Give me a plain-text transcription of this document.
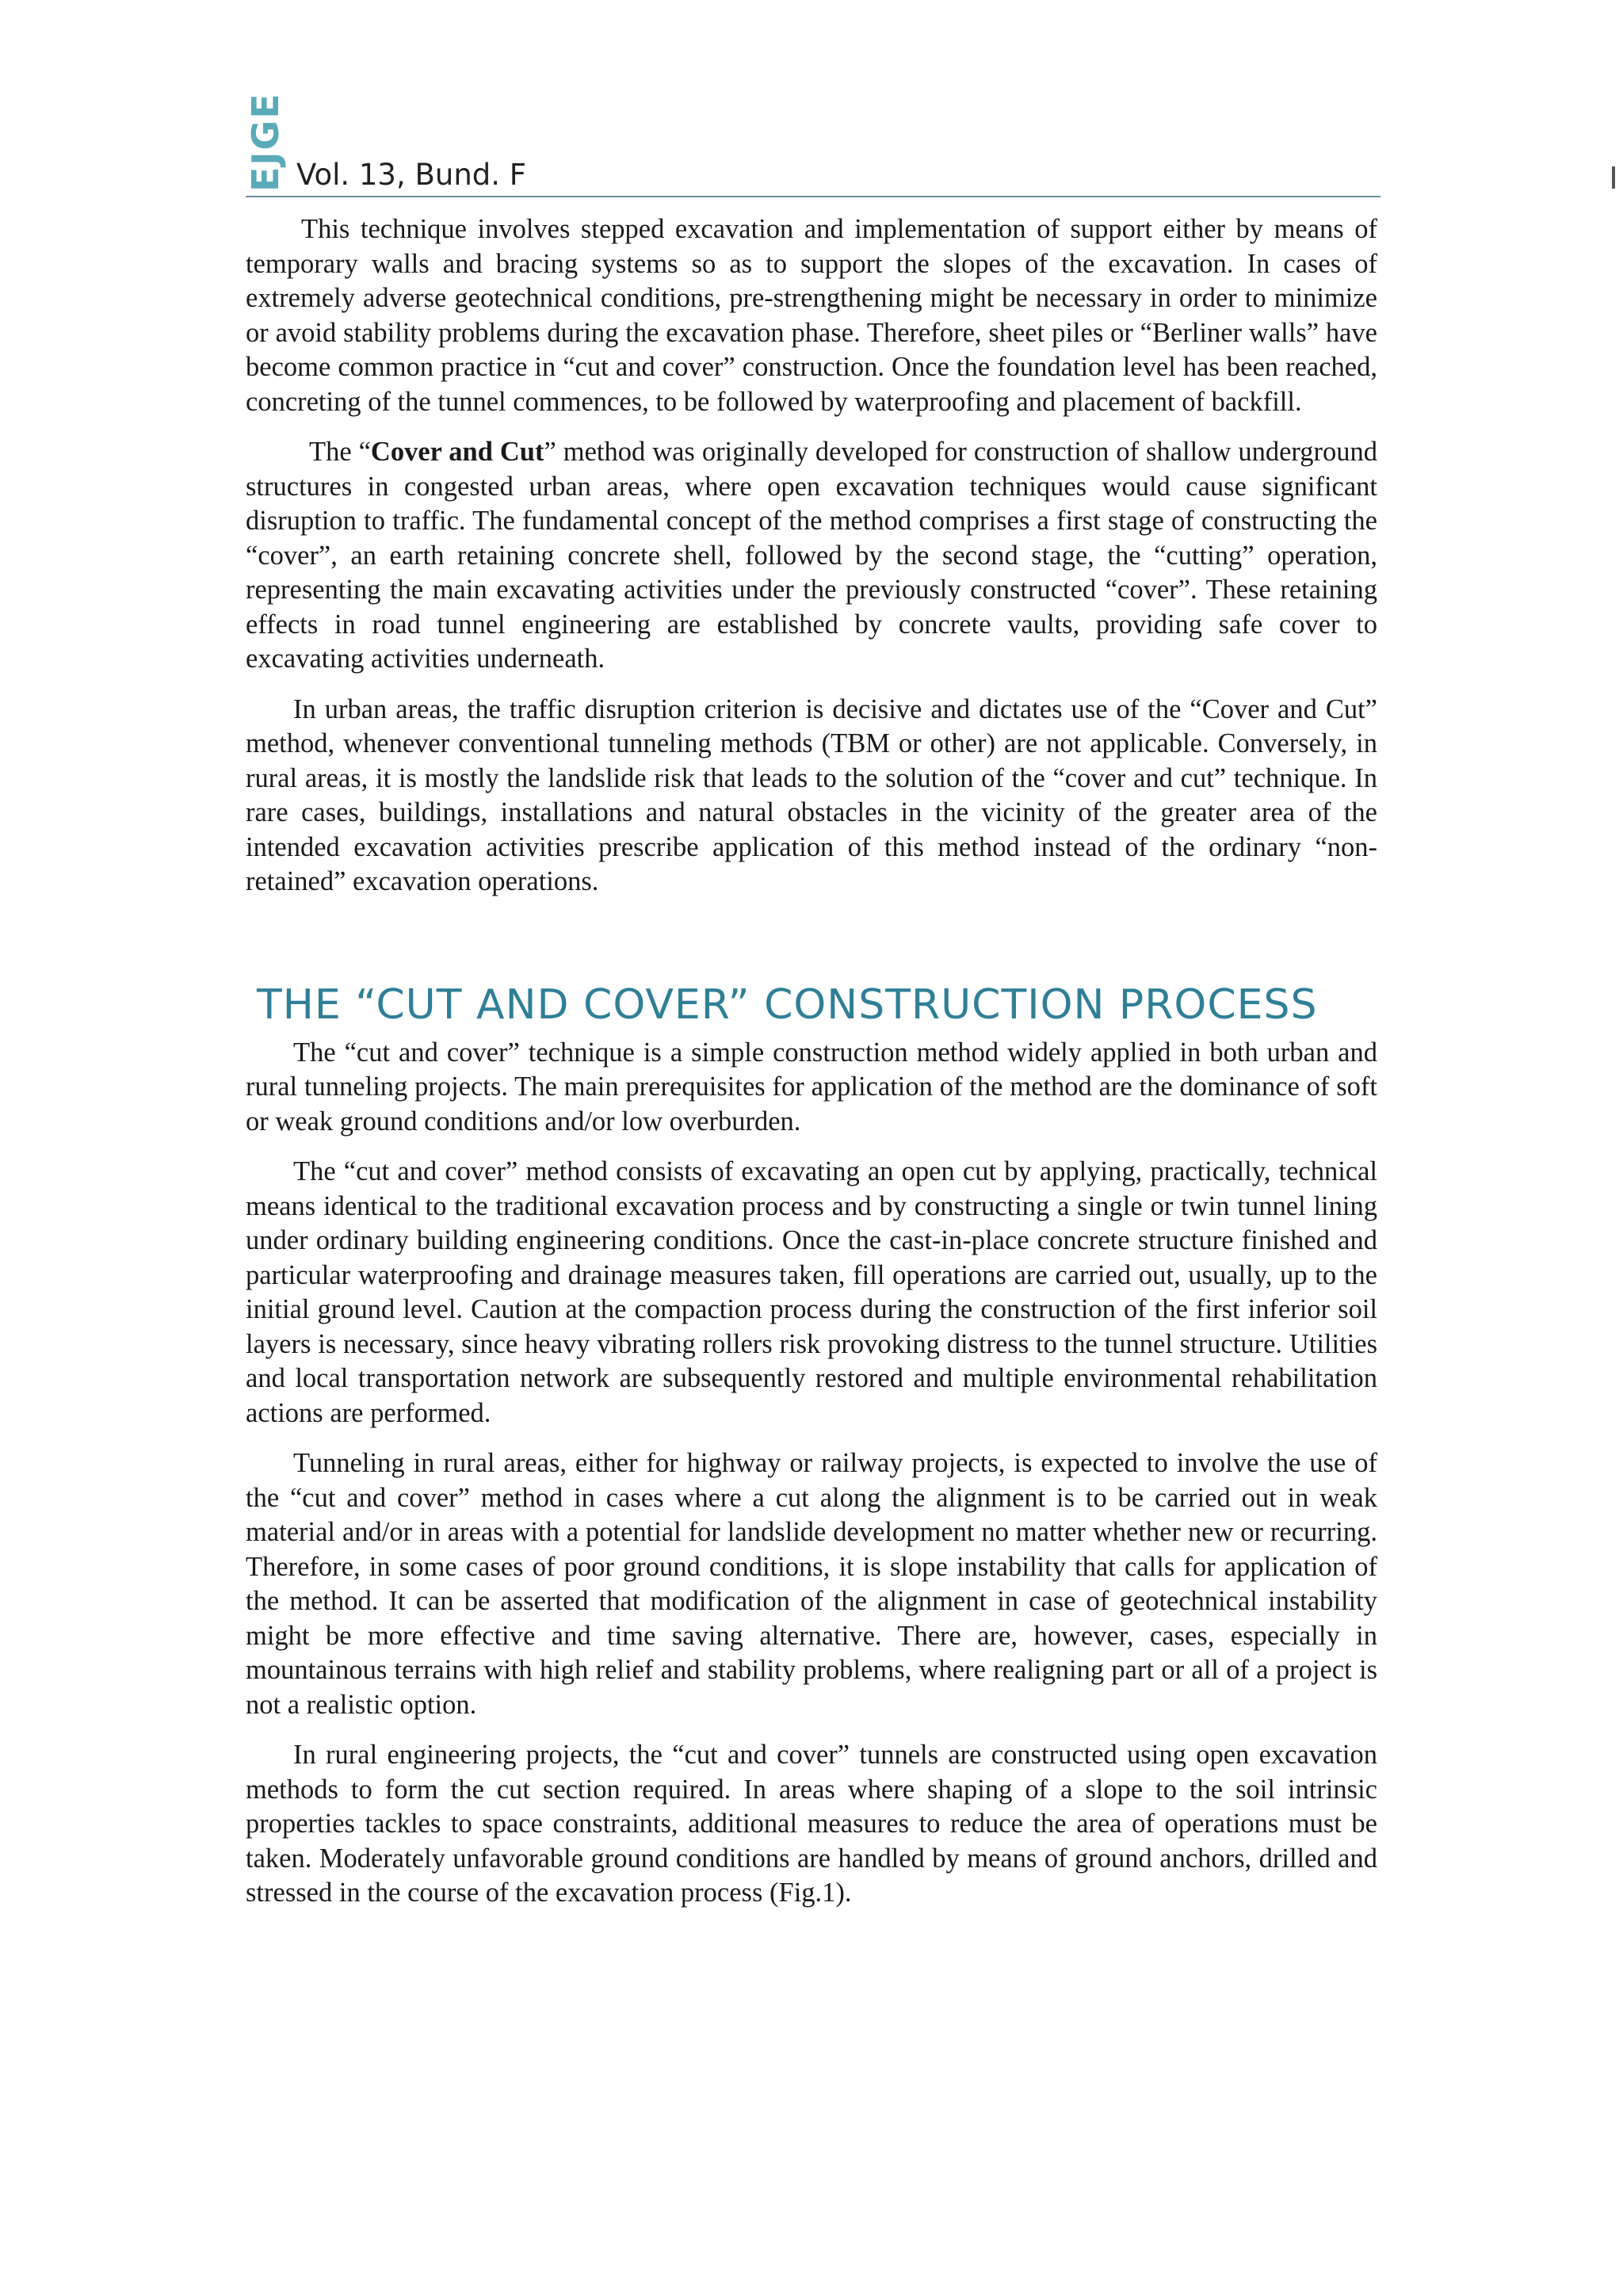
EJGE Vol. 13, Bund. F

This technique involves stepped excavation and implementation of support either by means of temporary walls and bracing systems so as to support the slopes of the excavation. In cases of extremely adverse geotechnical conditions, pre-strengthening might be necessary in order to minimize or avoid stability problems during the excavation phase. Therefore, sheet piles or “Berliner walls” have become common practice in “cut and cover” construction. Once the foundation level has been reached, concreting of the tunnel commences, to be followed by waterproofing and placement of backfill.

The “Cover and Cut” method was originally developed for construction of shallow underground structures in congested urban areas, where open excavation techniques would cause significant disruption to traffic. The fundamental concept of the method comprises a first stage of constructing the “cover”, an earth retaining concrete shell, followed by the second stage, the “cutting” operation, representing the main excavating activities under the previously constructed “cover”. These retaining effects in road tunnel engineering are established by concrete vaults, providing safe cover to excavating activities underneath.

In urban areas, the traffic disruption criterion is decisive and dictates use of the “Cover and Cut” method, whenever conventional tunneling methods (TBM or other) are not applicable. Conversely, in rural areas, it is mostly the landslide risk that leads to the solution of the “cover and cut” technique. In rare cases, buildings, installations and natural obstacles in the vicinity of the greater area of the intended excavation activities prescribe application of this method instead of the ordinary “non-retained” excavation operations.

THE “CUT AND COVER” CONSTRUCTION PROCESS

The “cut and cover” technique is a simple construction method widely applied in both urban and rural tunneling projects. The main prerequisites for application of the method are the dominance of soft or weak ground conditions and/or low overburden.

The “cut and cover” method consists of excavating an open cut by applying, practically, technical means identical to the traditional excavation process and by constructing a single or twin tunnel lining under ordinary building engineering conditions. Once the cast-in-place concrete structure finished and particular waterproofing and drainage measures taken, fill operations are carried out, usually, up to the initial ground level. Caution at the compaction process during the construction of the first inferior soil layers is necessary, since heavy vibrating rollers risk provoking distress to the tunnel structure. Utilities and local transportation network are subsequently restored and multiple environmental rehabilitation actions are performed.

Tunneling in rural areas, either for highway or railway projects, is expected to involve the use of the “cut and cover” method in cases where a cut along the alignment is to be carried out in weak material and/or in areas with a potential for landslide development no matter whether new or recurring. Therefore, in some cases of poor ground conditions, it is slope instability that calls for application of the method. It can be asserted that modification of the alignment in case of geotechnical instability might be more effective and time saving alternative. There are, however, cases, especially in mountainous terrains with high relief and stability problems, where realigning part or all of a project is not a realistic option.

In rural engineering projects, the “cut and cover” tunnels are constructed using open excavation methods to form the cut section required. In areas where shaping of a slope to the soil intrinsic properties tackles to space constraints, additional measures to reduce the area of operations must be taken. Moderately unfavorable ground conditions are handled by means of ground anchors, drilled and stressed in the course of the excavation process (Fig.1).
